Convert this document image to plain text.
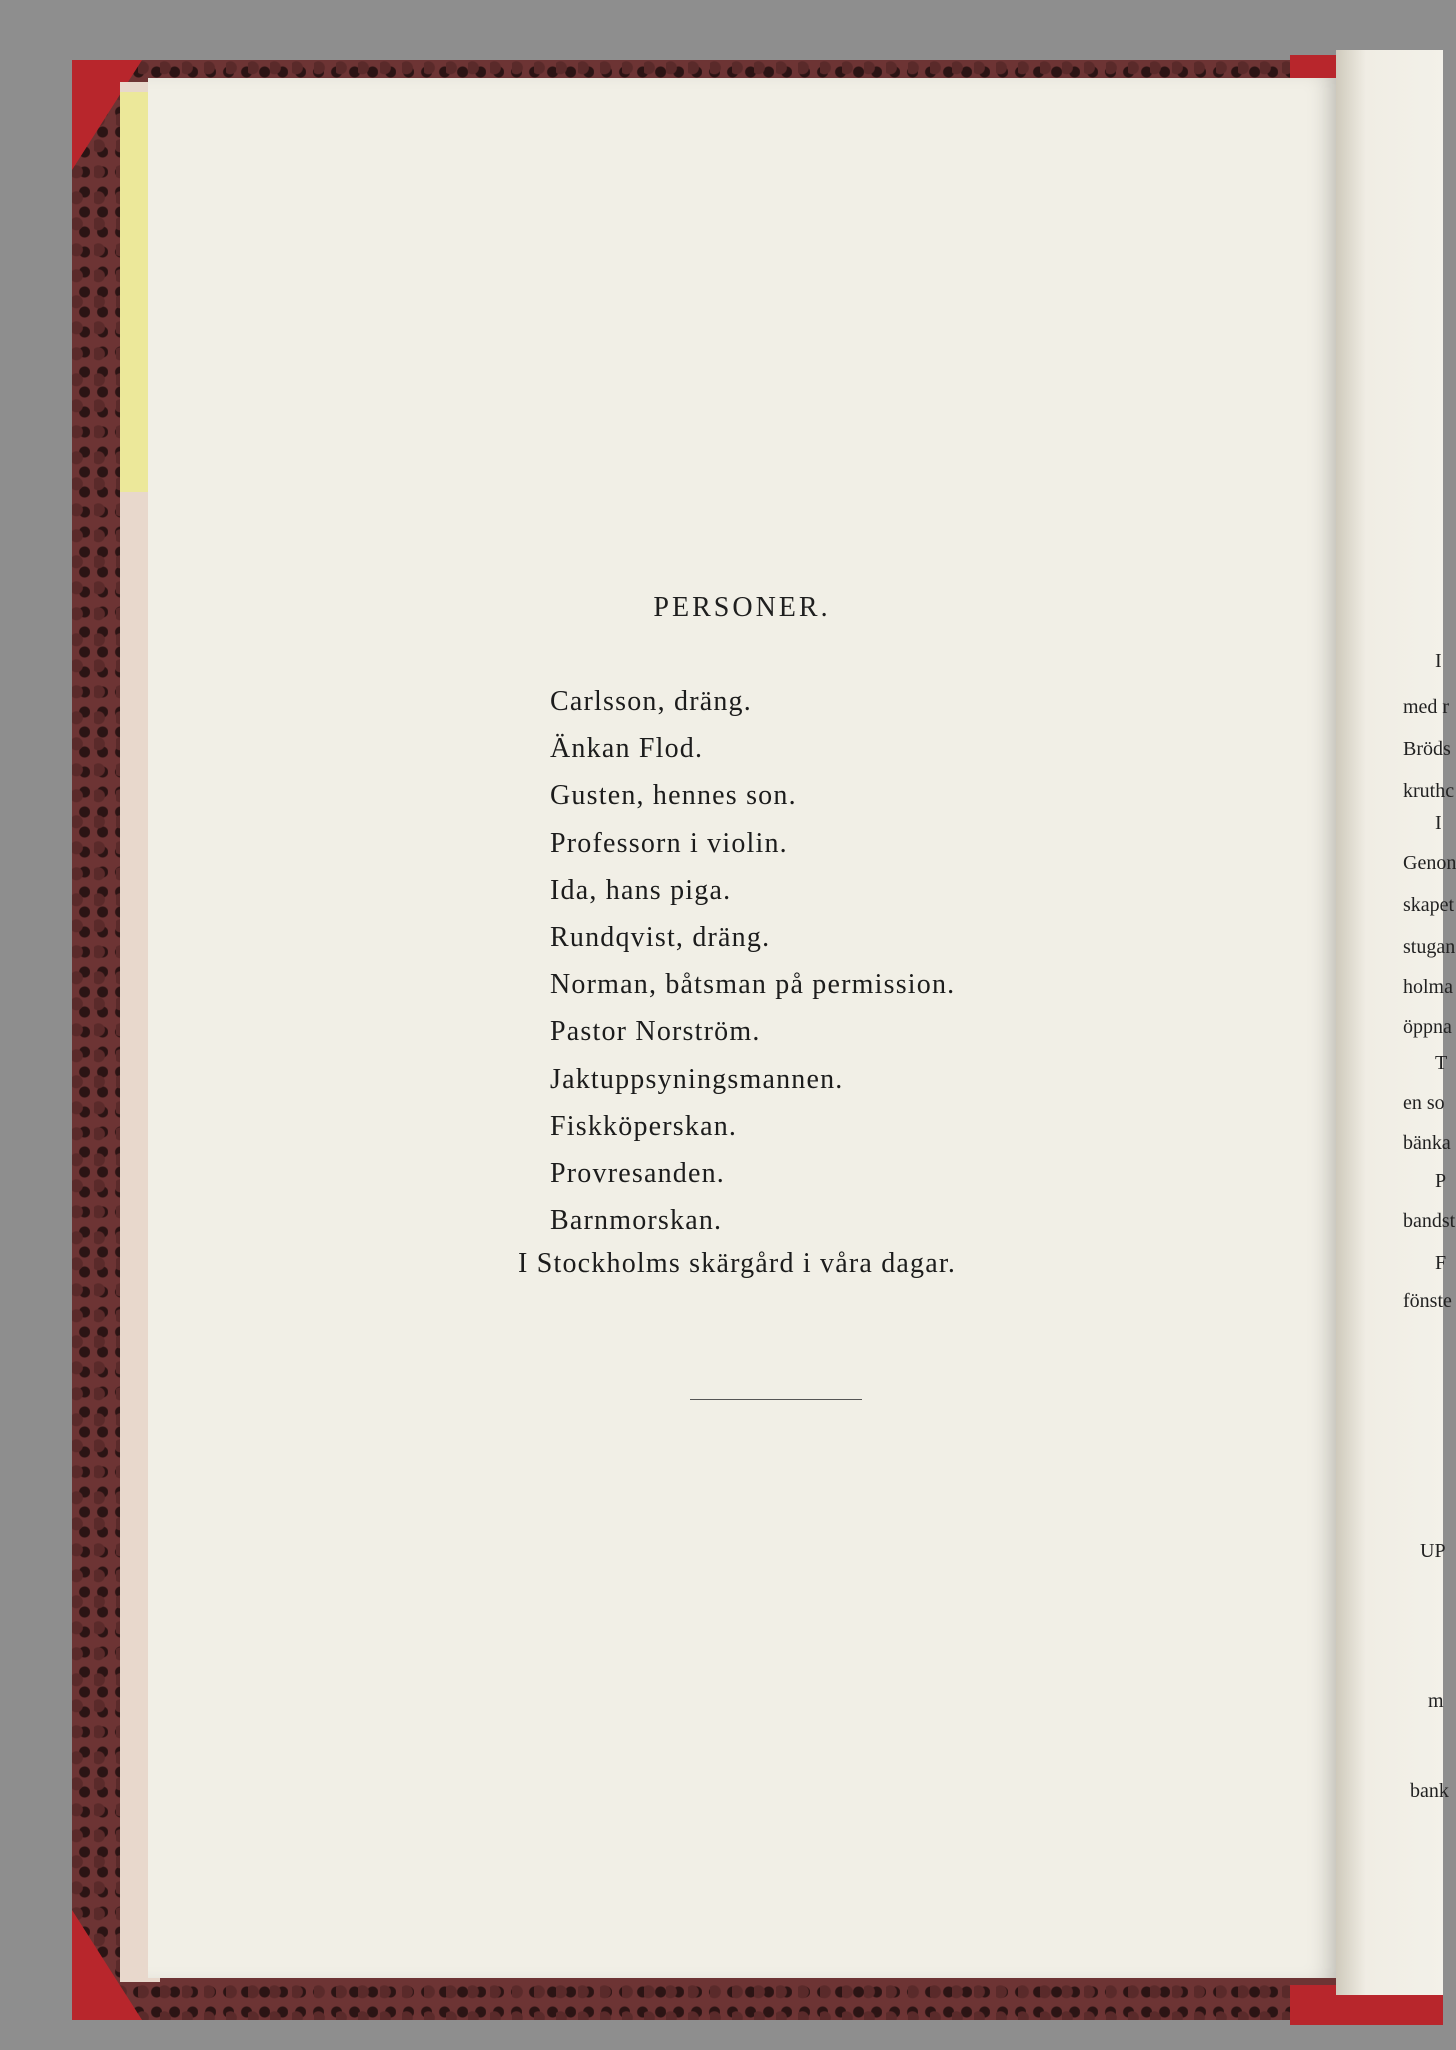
I
med r
Bröds
kruthc
I
Genon
skapet
stugan
holma
öppna
T
en so
bänka
P
bandst
F
fönste
UP
m
bank
PERSONER.
Carlsson, dräng.
Änkan Flod.
Gusten, hennes son.
Professorn i violin.
Ida, hans piga.
Rundqvist, dräng.
Norman, båtsman på permission.
Pastor Norström.
Jaktuppsyningsmannen.
Fiskköperskan.
Provresanden.
Barnmorskan.
I Stockholms skärgård i våra dagar.
